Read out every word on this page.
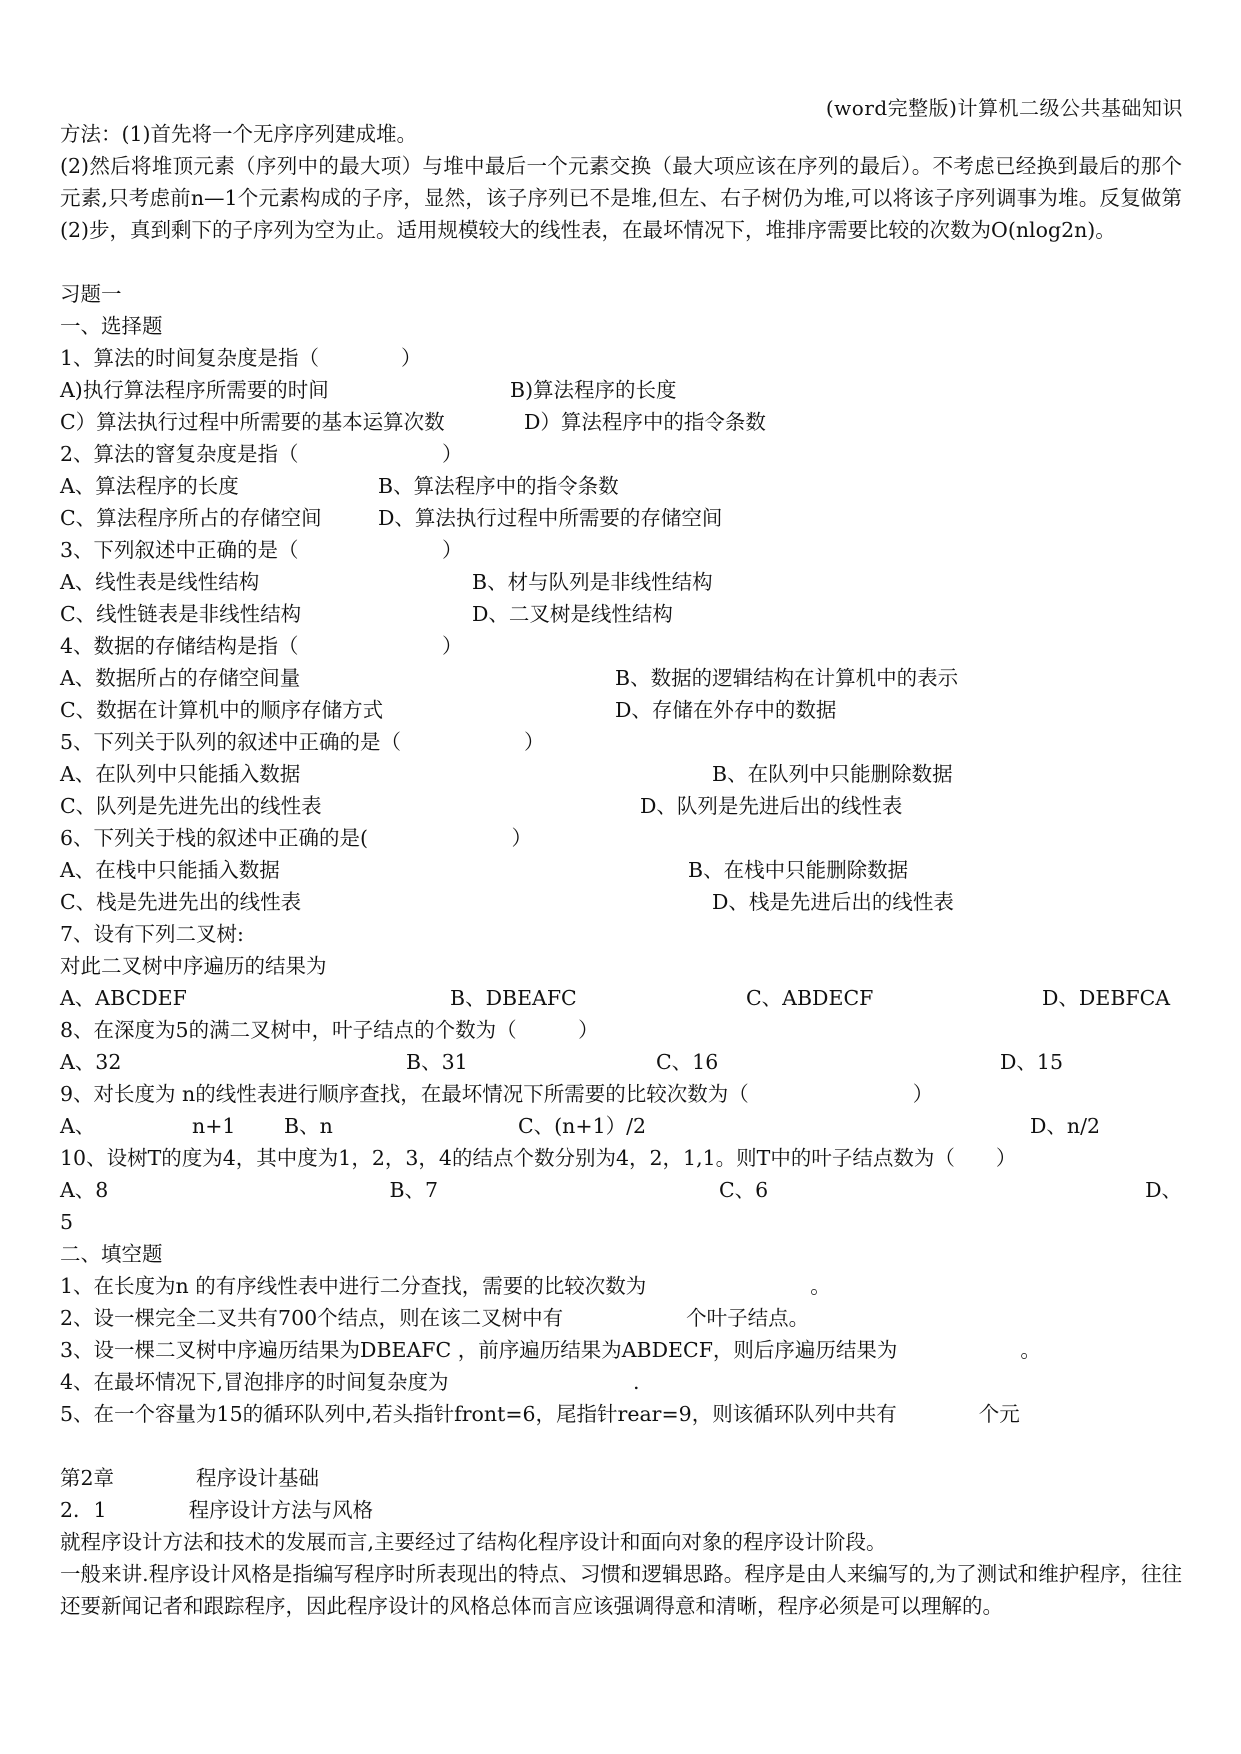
(word完整版)计算机二级公共基础知识
方法：(1)首先将一个无序序列建成堆。
(2)然后将堆顶元素（序列中的最大项）与堆中最后一个元素交换（最大项应该在序列的最后）。不考虑已经换到最后的那个元素,只考虑前n—1个元素构成的子序，显然，该子序列已不是堆,但左、右子树仍为堆,可以将该子序列调事为堆。反复做第(2)步，真到剩下的子序列为空为止。适用规模较大的线性表，在最坏情况下，堆排序需要比较的次数为O(nlog2n)。
习题一
一、选择题
1、算法的时间复杂度是指（　　　　）
A)执行算法程序所需要的时间	B)算法程序的长度
C）算法执行过程中所需要的基本运算次数	D）算法程序中的指令条数
2、算法的窨复杂度是指（　　　　　　　）
A、算法程序的长度	B、算法程序中的指令条数
C、算法程序所占的存储空间	D、算法执行过程中所需要的存储空间
3、下列叙述中正确的是（　　　　　　　）
A、线性表是线性结构	B、材与队列是非线性结构
C、线性链表是非线性结构	D、二叉树是线性结构
4、数据的存储结构是指（　　　　　　　）
A、数据所占的存储空间量	B、数据的逻辑结构在计算机中的表示
C、数据在计算机中的顺序存储方式	D、存储在外存中的数据
5、下列关于队列的叙述中正确的是（　　　　　　）
A、在队列中只能插入数据	B、在队列中只能删除数据
C、队列是先进先出的线性表	D、队列是先进后出的线性表
6、下列关于栈的叙述中正确的是(　　　　　　　）
A、在栈中只能插入数据	B、在栈中只能删除数据
C、栈是先进先出的线性表	D、栈是先进后出的线性表
7、设有下列二叉树:
对此二叉树中序遍历的结果为
A、ABCDEF	B、DBEAFC	C、ABDECF	D、DEBFCA
8、在深度为5的满二叉树中，叶子结点的个数为（　　　）
A、32	B、31	C、16	D、15
9、对长度为 n的线性表进行顺序查找，在最坏情况下所需要的比较次数为（　　　　　　　　）
A、	n+1	B、n	C、(n+1）/2	D、n/2
10、设树T的度为4，其中度为1，2，3，4的结点个数分别为4，2，1,1。则T中的叶子结点数为（　　）
A、8	B、7	C、6	D、
5
二、填空题
1、在长度为n 的有序线性表中进行二分查找，需要的比较次数为　　　　　　　　。
2、设一棵完全二叉共有700个结点，则在该二叉树中有　　　　　　个叶子结点。
3、设一棵二叉树中序遍历结果为DBEAFC ，前序遍历结果为ABDECF，则后序遍历结果为　　　　　　。
4、在最坏情况下,冒泡排序的时间复杂度为　　　　　　　　　.
5、在一个容量为15的循环队列中,若头指针front=6，尾指针rear=9，则该循环队列中共有　　　　个元
第2章　　　　程序设计基础
2．1　　　　程序设计方法与风格
就程序设计方法和技术的发展而言,主要经过了结构化程序设计和面向对象的程序设计阶段。
一般来讲.程序设计风格是指编写程序时所表现出的特点、习惯和逻辑思路。程序是由人来编写的,为了测试和维护程序，往往还要新闻记者和跟踪程序，因此程序设计的风格总体而言应该强调得意和清晰，程序必须是可以理解的。
